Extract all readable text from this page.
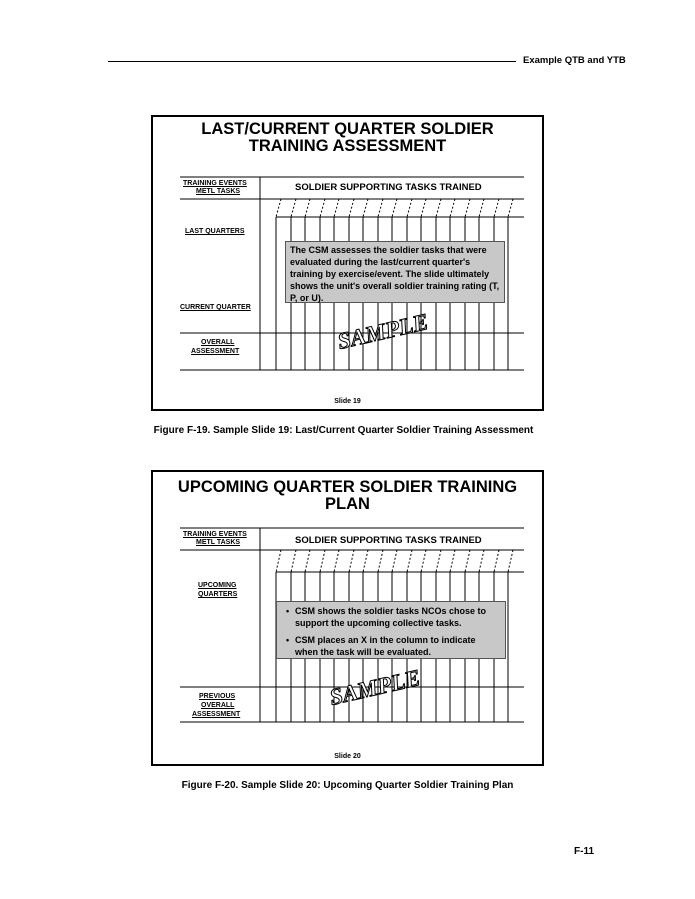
Example QTB and YTB
LAST/CURRENT QUARTER SOLDIER
TRAINING ASSESSMENT
TRAINING EVENTS
METL TASKS	SOLDIER SUPPORTING TASKS TRAINED
LAST QUARTERS
CURRENT QUARTER
OVERALL
ASSESSMENT
The CSM assesses the soldier tasks that were evaluated during the last/current quarter's training by exercise/event. The slide ultimately shows the unit's overall soldier training rating (T, P, or U).
SAMPLE
Slide 19
Figure F-19. Sample Slide 19: Last/Current Quarter Soldier Training Assessment
UPCOMING QUARTER SOLDIER TRAINING
PLAN
TRAINING EVENTS
METL TASKS	SOLDIER SUPPORTING TASKS TRAINED
UPCOMING
QUARTERS
PREVIOUS
OVERALL
ASSESSMENT
• CSM shows the soldier tasks NCOs chose to support the upcoming collective tasks.
• CSM places an X in the column to indicate when the task will be evaluated.
SAMPLE
Slide 20
Figure F-20. Sample Slide 20: Upcoming Quarter Soldier Training Plan
F-11
